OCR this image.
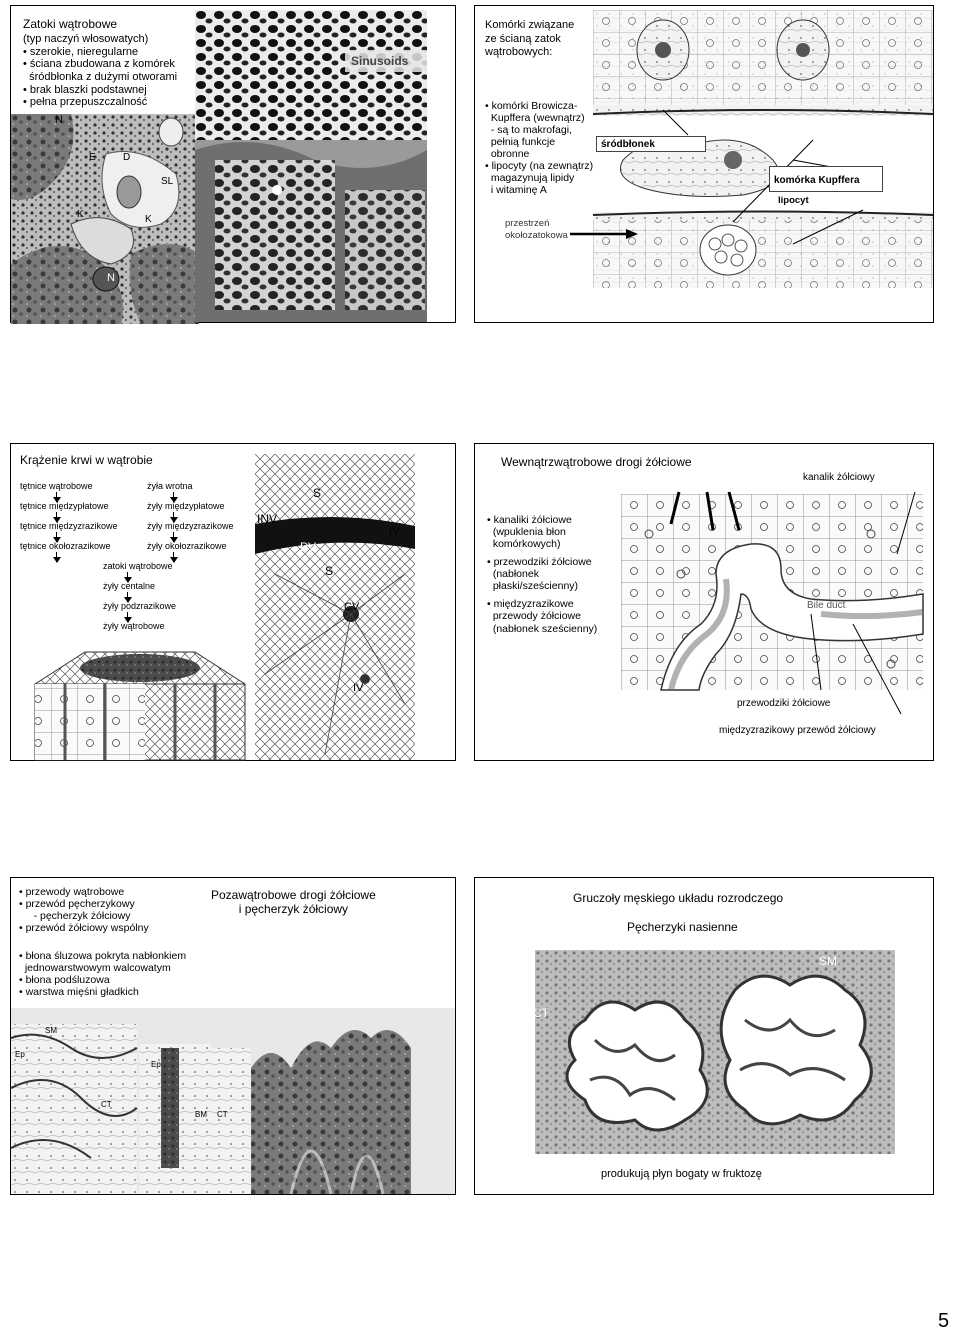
N
E	D
SL
K	K
N
Sinusoids
Zatoki wątrobowe
(typ naczyń włosowatych)
• szerokie, nieregularne
• ściana zbudowana z komórek
śródbłonka z dużymi otworami
• brak blaszki podstawnej
• pełna przepuszczalność
śródbłonek
komórka Kupffera
lipocyt
Komórki związane
ze ścianą zatok
wątrobowych:
• komórki Browicza-
Kupffera (wewnątrz)
- są to makrofagi,
pełnią funkcje
obronne
• lipocyty (na zewnątrz)
magazynują lipidy
i witaminę A
przestrzeń
okołozatokowa
S
INV
PV
IV
S
CV
IV
Krążenie krwi w wątrobie
tętnice wątrobowe
tętnice międzypłatowe
tętnice międzyzrazikowe
tętnice okołozrazikowe
żyła wrotna
żyły międzypłatowe
żyły międzyzrazikowe
żyły okołozrazikowe
zatoki wątrobowe
żyły centalne
żyły podzrazikowe
żyły wątrobowe
Bile duct
Wewnątrzwątrobowe drogi żółciowe
kanalik żółciowy
• kanaliki żółciowe
(wpuklenia błon
komórkowych)
• przewodziki żółciowe
(nabłonek
płaski/sześcienny)
• międzyzrazikowe
przewody żółciowe
(nabłonek sześcienny)
przewodziki żółciowe
międzyzrazikowy przewód żółciowy
SM
Ep
CT
Ep
BM CT
• przewody wątrobowe
• przewód pęcherzykowy
- pęcherzyk żółciowy
• przewód żółciowy wspólny
Pozawątrobowe drogi żółciowe
i pęcherzyk żółciowy
• błona śluzowa pokryta nabłonkiem
jednowarstwowym walcowatym
• błona podśluzowa
• warstwa mięśni gładkich
Gruczoły męskiego układu rozrodczego
Pęcherzyki nasienne
SM
CT
produkują płyn bogaty w fruktozę
5
